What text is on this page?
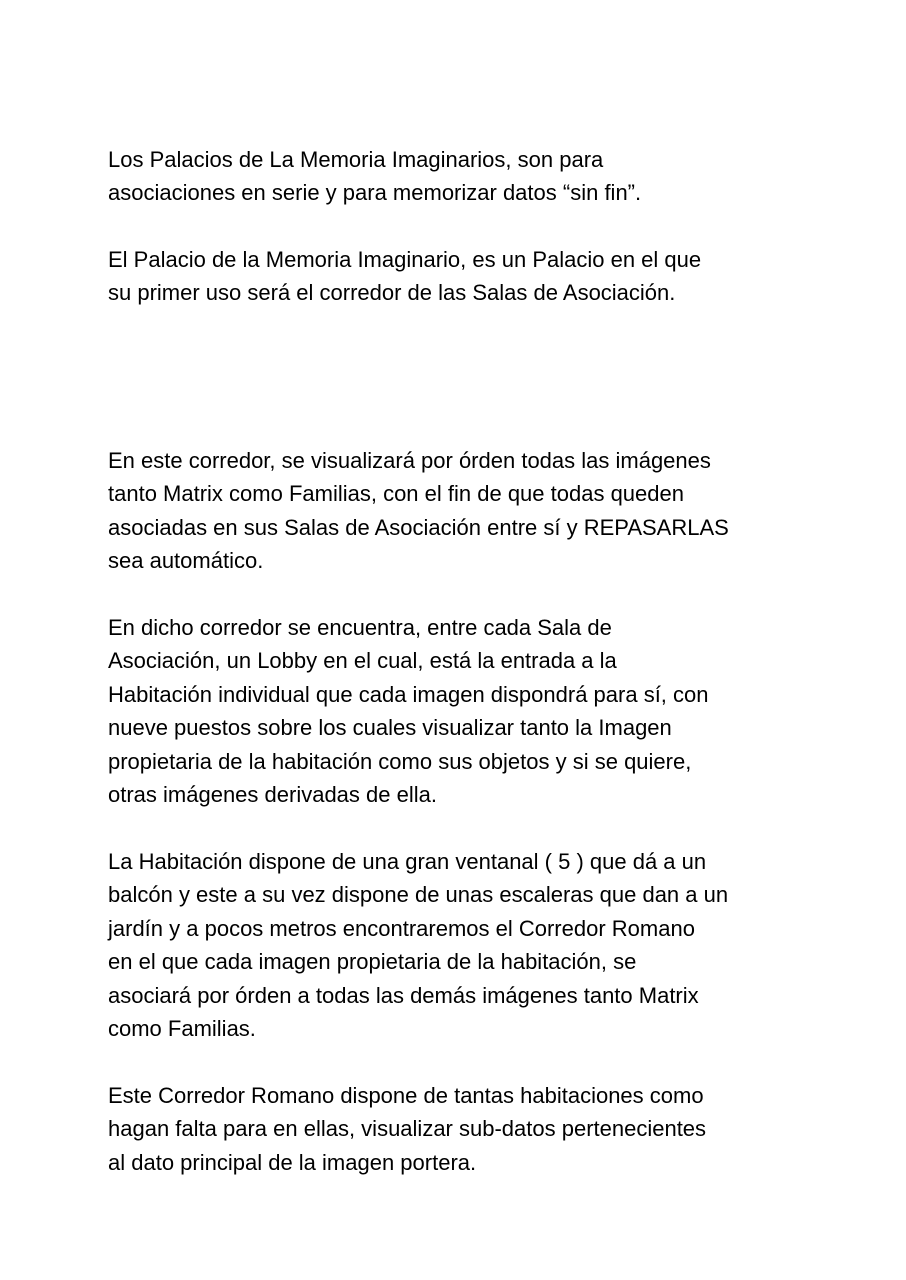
Los Palacios de La Memoria Imaginarios, son para
asociaciones en serie y para memorizar datos “sin fin”.

El Palacio de la Memoria Imaginario, es un Palacio en el que
su primer uso será el corredor de las Salas de Asociación.

En este corredor, se visualizará por órden todas las imágenes
tanto Matrix como Familias, con el fin de que todas queden
asociadas en sus Salas de Asociación entre sí y REPASARLAS
sea automático.

En dicho corredor se encuentra, entre cada Sala de
Asociación, un Lobby en el cual, está la entrada a la
Habitación individual que cada imagen dispondrá para sí, con
nueve puestos sobre los cuales visualizar tanto la Imagen
propietaria de la habitación como sus objetos y si se quiere,
otras imágenes derivadas de ella.

La Habitación dispone de una gran ventanal ( 5 ) que dá a un
balcón y este a su vez dispone de unas escaleras que dan a un
jardín y a pocos metros encontraremos el Corredor Romano
en el que cada imagen propietaria de la habitación, se
asociará por órden a todas las demás imágenes tanto Matrix
como Familias.

Este Corredor Romano dispone de tantas habitaciones como
hagan falta para en ellas, visualizar sub-datos pertenecientes
al dato principal de la imagen portera.
